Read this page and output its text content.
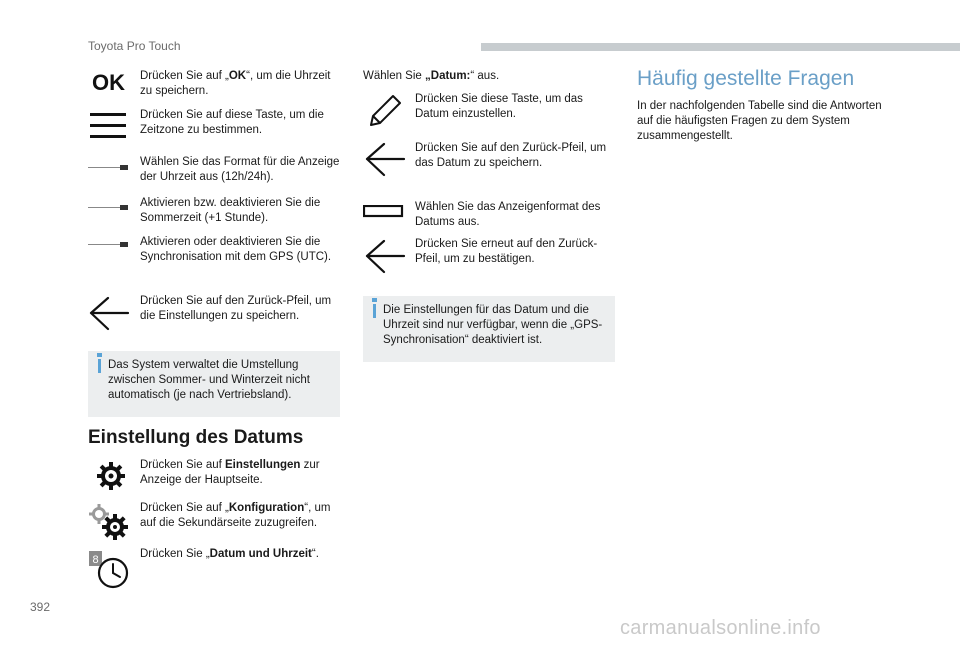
Toyota Pro Touch
OK Drücken Sie auf „OK“, um die Uhrzeit zu speichern.
Drücken Sie auf diese Taste, um die Zeitzone zu bestimmen.
Wählen Sie das Format für die Anzeige der Uhrzeit aus (12h/24h).
Aktivieren bzw. deaktivieren Sie die Sommerzeit (+1 Stunde).
Aktivieren oder deaktivieren Sie die Synchronisation mit dem GPS (UTC).
Drücken Sie auf den Zurück-Pfeil, um die Einstellungen zu speichern.
Das System verwaltet die Umstellung zwischen Sommer- und Winterzeit nicht automatisch (je nach Vertriebsland).
Einstellung des Datums
Drücken Sie auf Einstellungen zur Anzeige der Hauptseite.
Drücken Sie auf „Konfiguration“, um auf die Sekundärseite zuzugreifen.
8	Drücken Sie „Datum und Uhrzeit“.
Wählen Sie „Datum:“ aus.
Drücken Sie diese Taste, um das Datum einzustellen.
Drücken Sie auf den Zurück-Pfeil, um das Datum zu speichern.
Wählen Sie das Anzeigenformat des Datums aus.
Drücken Sie erneut auf den Zurück-Pfeil, um zu bestätigen.
Die Einstellungen für das Datum und die Uhrzeit sind nur verfügbar, wenn die „GPS-Synchronisation“ deaktiviert ist.
Häufig gestellte Fragen
In der nachfolgenden Tabelle sind die Antworten auf die häufigsten Fragen zu dem System zusammengestellt.
392
carmanualsonline.info
